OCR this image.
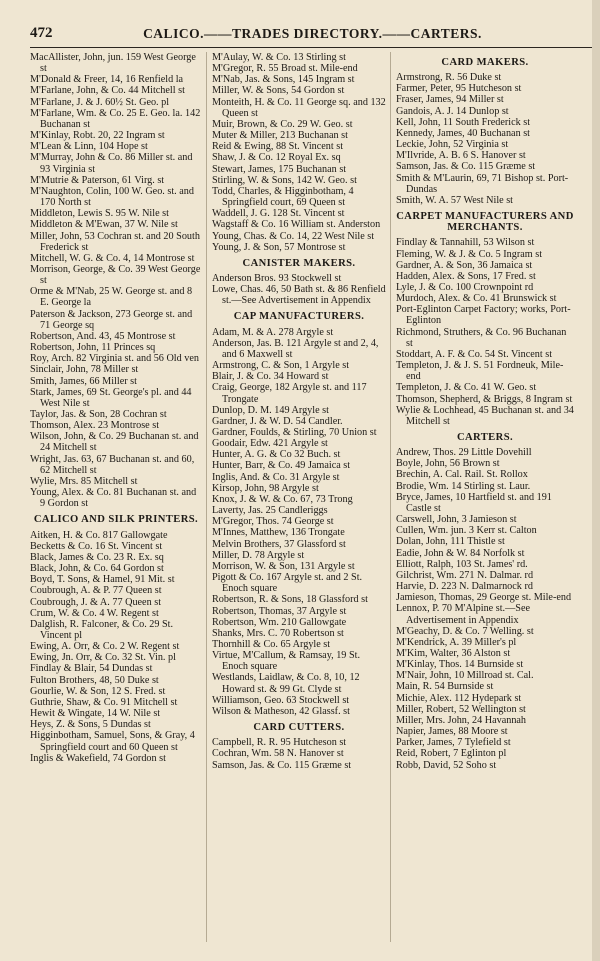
472	CALICO.——TRADES DIRECTORY.——CARTERS.

MacAllister, John, jun. 159 West George st

M'Donald & Freer, 14, 16 Renfield la

M'Farlane, John, & Co. 44 Mitchell st

M'Farlane, J. & J. 60½ St. Geo. pl

M'Farlane, Wm. & Co. 25 E. Geo. la. 142 Buchanan st

M'Kinlay, Robt. 20, 22 Ingram st

M'Lean & Linn, 104 Hope st

M'Murray, John & Co. 86 Miller st. and 93 Virginia st

M'Mutrie & Paterson, 61 Virg. st

M'Naughton, Colin, 100 W. Geo. st. and 170 North st

Middleton, Lewis S. 95 W. Nile st

Middleton & M'Ewan, 37 W. Nile st

Miller, John, 53 Cochran st. and 20 South Frederick st

Mitchell, W. G. & Co. 4, 14 Montrose st

Morrison, George, & Co. 39 West George st

Orme & M'Nab, 25 W. George st. and 8 E. George la

Paterson & Jackson, 273 George st. and 71 George sq

Robertson, And. 43, 45 Montrose st

Robertson, John, 11 Princes sq

Roy, Arch. 82 Virginia st. and 56 Old ven

Sinclair, John, 78 Miller st

Smith, James, 66 Miller st

Stark, James, 69 St. George's pl. and 44 West Nile st

Taylor, Jas. & Son, 28 Cochran st

Thomson, Alex. 23 Montrose st

Wilson, John, & Co. 29 Buchanan st. and 24 Mitchell st

Wright, Jas. 63, 67 Buchanan st. and 60, 62 Mitchell st

Wylie, Mrs. 85 Mitchell st

Young, Alex. & Co. 81 Buchanan st. and 9 Gordon st

CALICO AND SILK PRINTERS.

Aitken, H. & Co. 817 Gallowgate

Becketts & Co. 16 St. Vincent st

Black, James & Co. 23 R. Ex. sq

Black, John, & Co. 64 Gordon st

Boyd, T. Sons, & Hamel, 91 Mit. st

Coubrough, A. & P. 77 Queen st

Coubrough, J. & A. 77 Queen st

Crum, W. & Co. 4 W. Regent st

Dalglish, R. Falconer, & Co. 29 St. Vincent pl

Ewing, A. Orr, & Co. 2 W. Regent st

Ewing, Jn. Orr, & Co. 32 St. Vin. pl

Findlay & Blair, 54 Dundas st

Fulton Brothers, 48, 50 Duke st

Gourlie, W. & Son, 12 S. Fred. st

Guthrie, Shaw, & Co. 91 Mitchell st

Hewit & Wingate, 14 W. Nile st

Heys, Z. & Sons, 5 Dundas st

Higginbotham, Samuel, Sons, & Gray, 4 Springfield court and 60 Queen st

Inglis & Wakefield, 74 Gordon st

M'Aulay, W. & Co. 13 Stirling st

M'Gregor, R. 55 Broad st. Mile-end

M'Nab, Jas. & Sons, 145 Ingram st

Miller, W. & Sons, 54 Gordon st

Monteith, H. & Co. 11 George sq. and 132 Queen st

Muir, Brown, & Co. 29 W. Geo. st

Muter & Miller, 213 Buchanan st

Reid & Ewing, 88 St. Vincent st

Shaw, J. & Co. 12 Royal Ex. sq

Stewart, James, 175 Buchanan st

Stirling, W. & Sons, 142 W. Geo. st

Todd, Charles, & Higginbotham, 4 Springfield court, 69 Queen st

Waddell, J. G. 128 St. Vincent st

Wagstaff & Co. 16 William st. Anderston

Young, Chas. & Co. 14, 22 West Nile st

Young, J. & Son, 57 Montrose st

CANISTER MAKERS.

Anderson Bros. 93 Stockwell st

Lowe, Chas. 46, 50 Bath st. & 86 Renfield st.—See Advertisement in Appendix

CAP MANUFACTURERS.

Adam, M. & A. 278 Argyle st

Anderson, Jas. B. 121 Argyle st and 2, 4, and 6 Maxwell st

Armstrong, C. & Son, 1 Argyle st

Blair, J. & Co. 34 Howard st

Craig, George, 182 Argyle st. and 117 Trongate

Dunlop, D. M. 149 Argyle st

Gardner, J. & W. D. 54 Candler.

Gardner, Foulds, & Stirling, 70 Union st

Goodair, Edw. 421 Argyle st

Hunter, A. G. & Co 32 Buch. st

Hunter, Barr, & Co. 49 Jamaica st

Inglis, And. & Co. 31 Argyle st

Kirsop, John, 98 Argyle st

Knox, J. & W. & Co. 67, 73 Trong

Laverty, Jas. 25 Candleriggs

M'Gregor, Thos. 74 George st

M'Innes, Matthew, 136 Trongate

Melvin Brothers, 37 Glassford st

Miller, D. 78 Argyle st

Morrison, W. & Son, 131 Argyle st

Pigott & Co. 167 Argyle st. and 2 St. Enoch square

Robertson, R. & Sons, 18 Glassford st

Robertson, Thomas, 37 Argyle st

Robertson, Wm. 210 Gallowgate

Shanks, Mrs. C. 70 Robertson st

Thornhill & Co. 65 Argyle st

Virtue, M'Callum, & Ramsay, 19 St. Enoch square

Westlands, Laidlaw, & Co. 8, 10, 12 Howard st. & 99 Gt. Clyde st

Williamson, Geo. 63 Stockwell st

Wilson & Matheson, 42 Glassf. st

CARD CUTTERS.

Campbell, R. R. 95 Hutcheson st

Cochran, Wm. 58 N. Hanover st

Samson, Jas. & Co. 115 Græme st

CARD MAKERS.

Armstrong, R. 56 Duke st

Farmer, Peter, 95 Hutcheson st

Fraser, James, 94 Miller st

Gandois, A. J. 14 Dunlop st

Kell, John, 11 South Frederick st

Kennedy, James, 40 Buchanan st

Leckie, John, 52 Virginia st

M'Ilvride, A. B. 6 S. Hanover st

Samson, Jas. & Co. 115 Græme st

Smith & M'Laurin, 69, 71 Bishop st. Port-Dundas

Smith, W. A. 57 West Nile st

CARPET MANUFACTURERS AND MERCHANTS.

Findlay & Tannahill, 53 Wilson st

Fleming, W. & J. & Co. 5 Ingram st

Gardner, A. & Son, 36 Jamaica st

Hadden, Alex. & Sons, 17 Fred. st

Lyle, J. & Co. 100 Crownpoint rd

Murdoch, Alex. & Co. 41 Brunswick st

Port-Eglinton Carpet Factory; works, Port-Eglinton

Richmond, Struthers, & Co. 96 Buchanan st

Stoddart, A. F. & Co. 54 St. Vincent st

Templeton, J. & J. S. 51 Fordneuk, Mile-end

Templeton, J. & Co. 41 W. Geo. st

Thomson, Shepherd, & Briggs, 8 Ingram st

Wylie & Lochhead, 45 Buchanan st. and 34 Mitchell st

CARTERS.

Andrew, Thos. 29 Little Dovehill

Boyle, John, 56 Brown st

Brechin, A. Cal. Rail. St. Rollox

Brodie, Wm. 14 Stirling st. Laur.

Bryce, James, 10 Hartfield st. and 191 Castle st

Carswell, John, 3 Jamieson st

Cullen, Wm. jun. 3 Kerr st. Calton

Dolan, John, 111 Thistle st

Eadie, John & W. 84 Norfolk st

Elliott, Ralph, 103 St. James' rd.

Gilchrist, Wm. 271 N. Dalmar. rd

Harvie, D. 223 N. Dalmarnock rd

Jamieson, Thomas, 29 George st. Mile-end

Lennox, P. 70 M'Alpine st.—See Advertisement in Appendix

M'Geachy, D. & Co. 7 Welling. st

M'Kendrick, A. 39 Miller's pl

M'Kim, Walter, 36 Alston st

M'Kinlay, Thos. 14 Burnside st

M'Nair, John, 10 Millroad st. Cal.

Main, R. 54 Burnside st

Michie, Alex. 112 Hydepark st

Miller, Robert, 52 Wellington st

Miller, Mrs. John, 24 Havannah

Napier, James, 88 Moore st

Parker, James, 7 Tylefield st

Reid, Robert, 7 Eglinton pl

Robb, David, 52 Soho st
